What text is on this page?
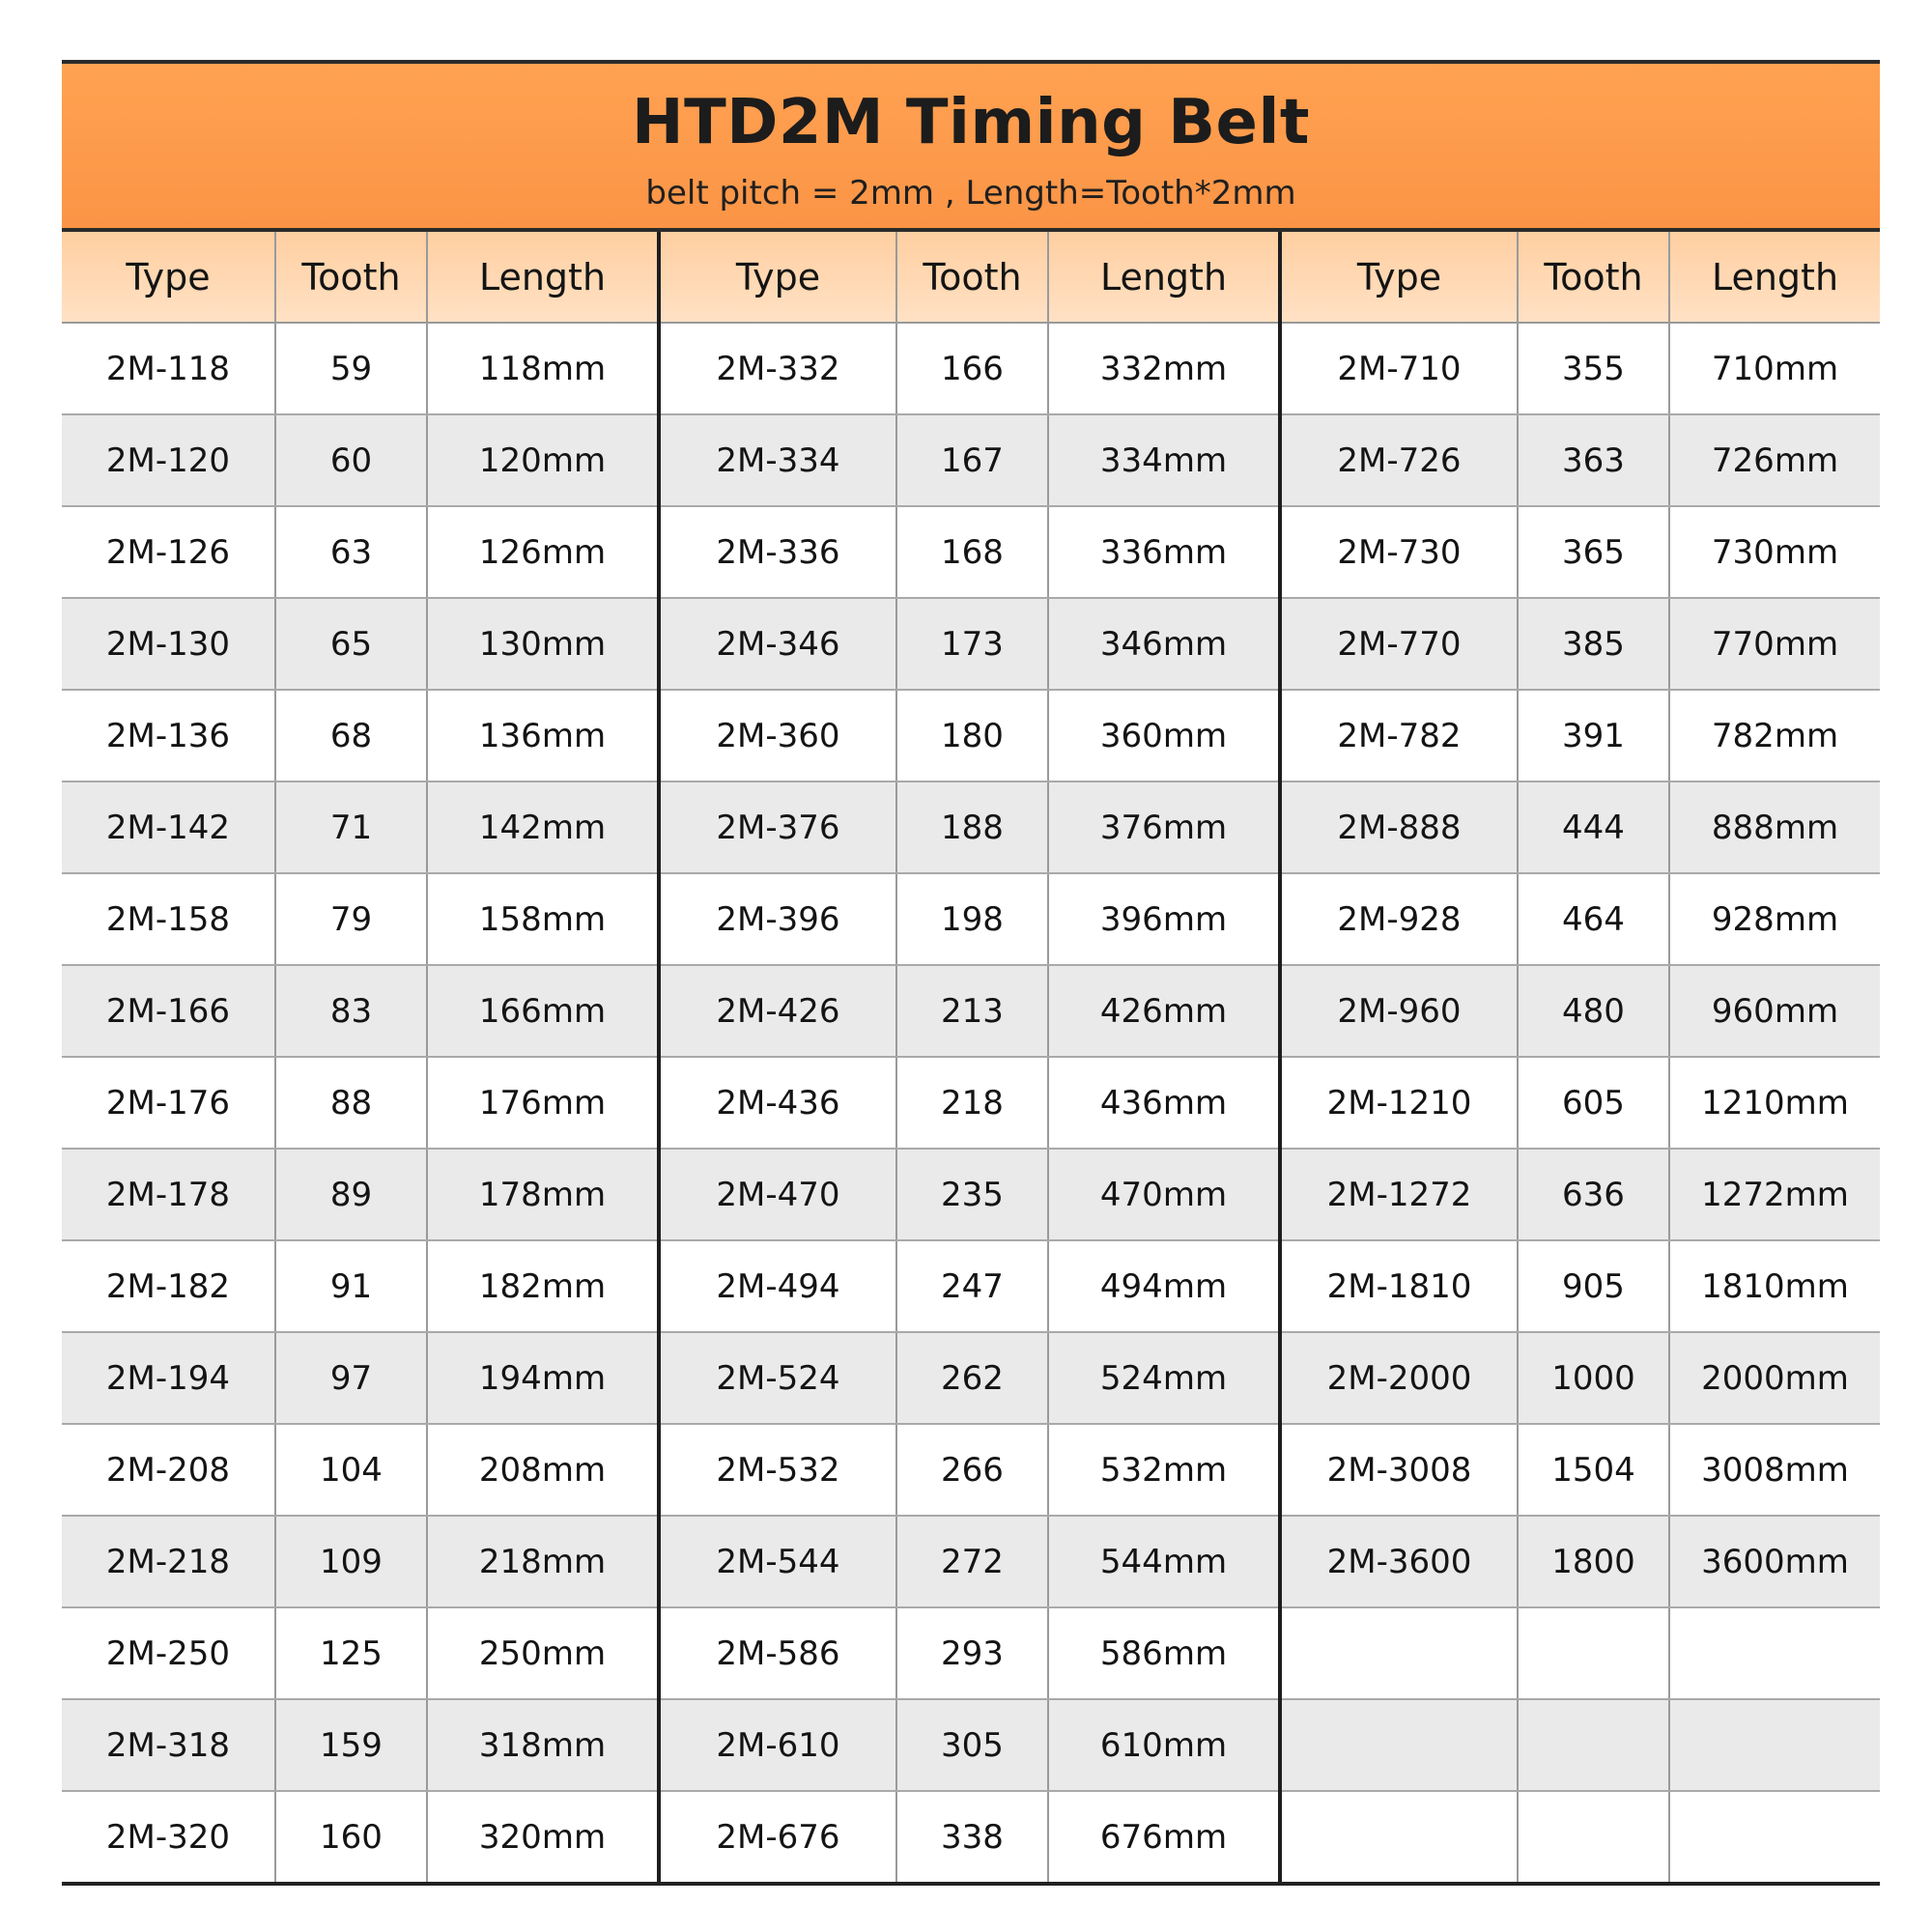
HTD2M Timing Belt
belt pitch = 2mm , Length=Tooth*2mm
Type	Tooth	Length	Type	Tooth	Length	Type	Tooth	Length
2M-118	59	118mm	2M-332	166	332mm	2M-710	355	710mm
2M-120	60	120mm	2M-334	167	334mm	2M-726	363	726mm
2M-126	63	126mm	2M-336	168	336mm	2M-730	365	730mm
2M-130	65	130mm	2M-346	173	346mm	2M-770	385	770mm
2M-136	68	136mm	2M-360	180	360mm	2M-782	391	782mm
2M-142	71	142mm	2M-376	188	376mm	2M-888	444	888mm
2M-158	79	158mm	2M-396	198	396mm	2M-928	464	928mm
2M-166	83	166mm	2M-426	213	426mm	2M-960	480	960mm
2M-176	88	176mm	2M-436	218	436mm	2M-1210	605	1210mm
2M-178	89	178mm	2M-470	235	470mm	2M-1272	636	1272mm
2M-182	91	182mm	2M-494	247	494mm	2M-1810	905	1810mm
2M-194	97	194mm	2M-524	262	524mm	2M-2000	1000	2000mm
2M-208	104	208mm	2M-532	266	532mm	2M-3008	1504	3008mm
2M-218	109	218mm	2M-544	272	544mm	2M-3600	1800	3600mm
2M-250	125	250mm	2M-586	293	586mm			
2M-318	159	318mm	2M-610	305	610mm			
2M-320	160	320mm	2M-676	338	676mm			
